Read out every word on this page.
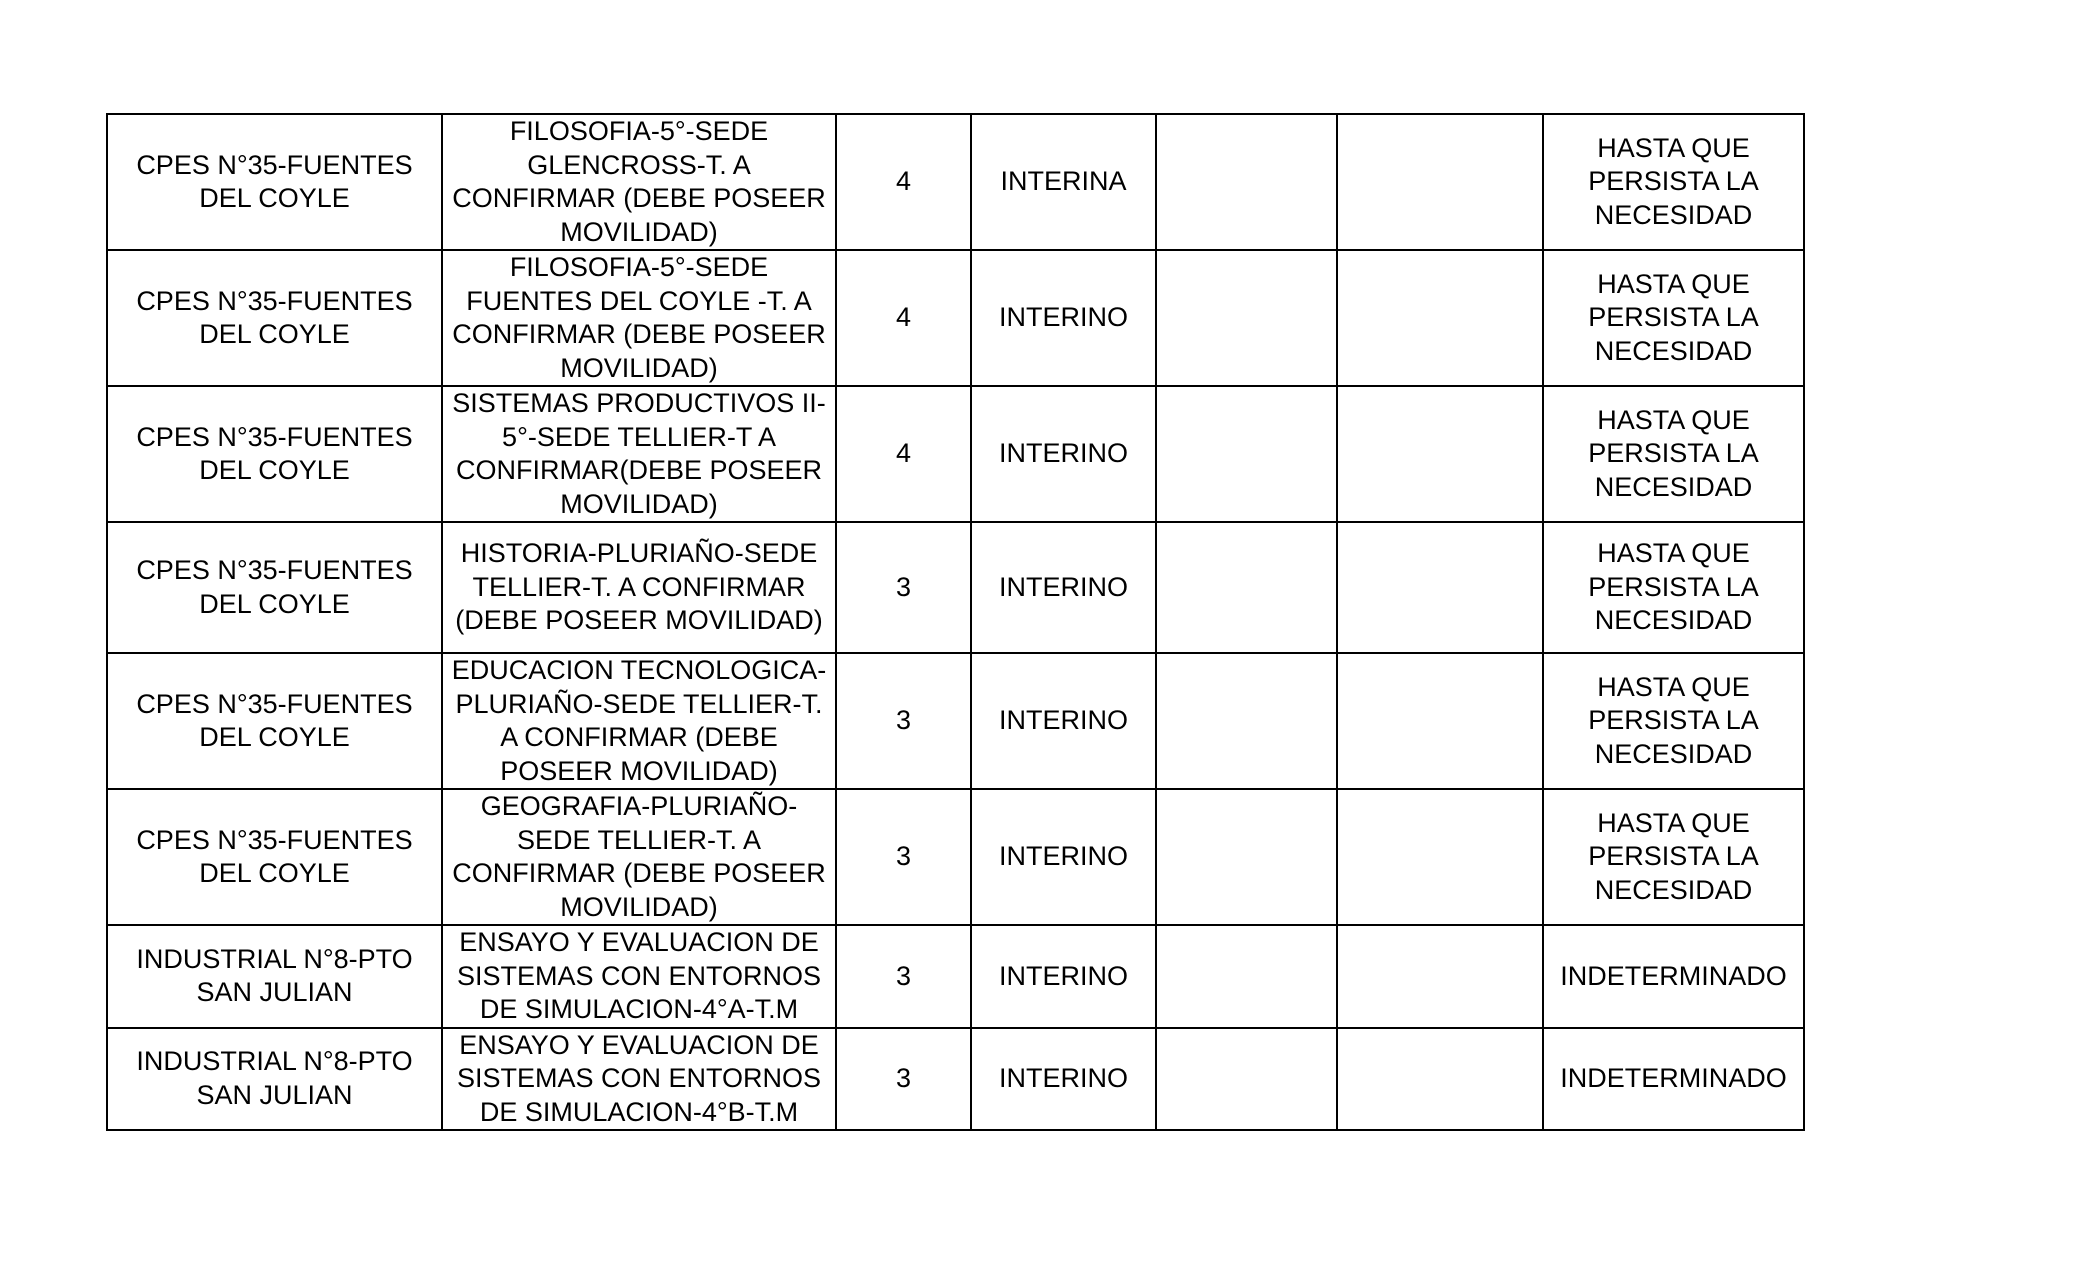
CPES N°35-FUENTES DEL COYLE	FILOSOFIA-5°-SEDE GLENCROSS-T. A CONFIRMAR (DEBE POSEER MOVILIDAD)	4	INTERINA			HASTA QUE PERSISTA LA NECESIDAD
CPES N°35-FUENTES DEL COYLE	FILOSOFIA-5°-SEDE FUENTES DEL COYLE -T. A CONFIRMAR (DEBE POSEER MOVILIDAD)	4	INTERINO			HASTA QUE PERSISTA LA NECESIDAD
CPES N°35-FUENTES DEL COYLE	SISTEMAS PRODUCTIVOS II-5°-SEDE TELLIER-T A CONFIRMAR(DEBE POSEER MOVILIDAD)	4	INTERINO			HASTA QUE PERSISTA LA NECESIDAD
CPES N°35-FUENTES DEL COYLE	HISTORIA-PLURIAÑO-SEDE TELLIER-T. A CONFIRMAR (DEBE POSEER MOVILIDAD)	3	INTERINO			HASTA QUE PERSISTA LA NECESIDAD
CPES N°35-FUENTES DEL COYLE	EDUCACION TECNOLOGICA-PLURIAÑO-SEDE TELLIER-T. A CONFIRMAR (DEBE POSEER MOVILIDAD)	3	INTERINO			HASTA QUE PERSISTA LA NECESIDAD
CPES N°35-FUENTES DEL COYLE	GEOGRAFIA-PLURIAÑO-SEDE TELLIER-T. A CONFIRMAR (DEBE POSEER MOVILIDAD)	3	INTERINO			HASTA QUE PERSISTA LA NECESIDAD
INDUSTRIAL N°8-PTO SAN JULIAN	ENSAYO Y EVALUACION DE SISTEMAS CON ENTORNOS DE SIMULACION-4°A-T.M	3	INTERINO			INDETERMINADO
INDUSTRIAL N°8-PTO SAN JULIAN	ENSAYO Y EVALUACION DE SISTEMAS CON ENTORNOS DE SIMULACION-4°B-T.M	3	INTERINO			INDETERMINADO
